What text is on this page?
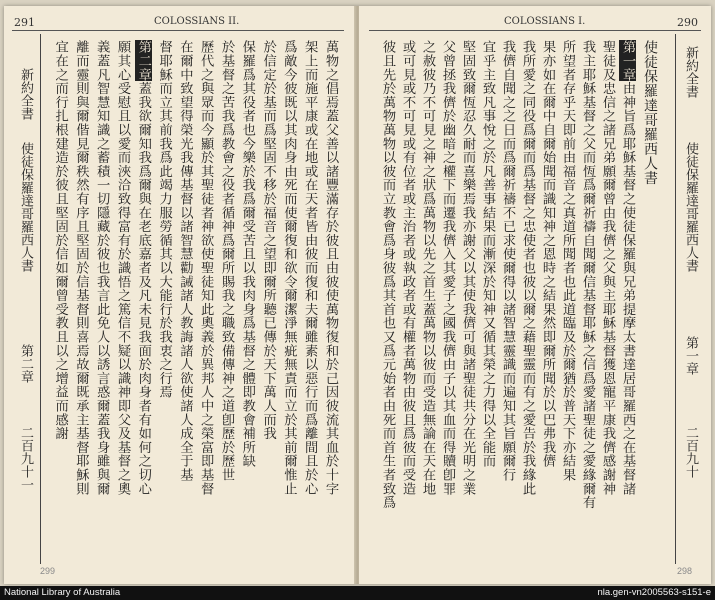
291	COLOSSIANS II.
新約全書
使徒保羅達哥羅西人書
第二章
二百九十一	萬物之倡焉蓋父善以諸豐滿存於彼且由彼使萬物復和於己因彼流其血於十字
架上而施平康或在地或在天者皆由彼而復和夫爾雖素以惡行而爲離間且於心
爲敵今彼既以其肉身由死而使爾復和欲令爾潔淨無疵無責而立於其前爾惟止
於信定於基而爲堅固不移於福音之望即爾所聽已傳於天下萬人而我
保羅爲其役者也今樂於我爲爾受苦且以我肉身爲基督之體即教會補所缺
於基督之苦我爲教會之役者循神爲爾所賜我之職致備傳神之道卽歷於歷世
歷代之與眾而今顯於其聖徒者神欲使聖徒知此奧義於異邦人中之榮富即基督
在爾中致望得榮光我傳基督以諸智慧勸誡諸人教誨諸人欲使諸人成全于基
督耶穌而立其前我爲此竭力服勞循其以大能行於我衷之行焉
第二章蓋我欲爾知我爲爾與在老底嘉者及凡未見我面於肉身者有如何之切心
願其心受慰且以愛而浹洽致得富有於識悟之篤信不疑以識神即父及基督之奧
義蓋凡智慧知識之蓄積一切隱藏於彼也我言此免人以誘言惑爾蓋我身雖與爾
離而靈則與爾偕見爾秩然有序且堅固於信基督則喜焉故爾既承主基督耶穌則
宜在之而行扎根建造於彼且堅固於信如爾曾受教且以之增益而感謝
299
COLOSSIANS I.	290
新約全書
使徒保羅達哥羅西人書
第一章
二百九十
使徒保羅達哥羅西人書
第一章由神旨爲耶穌基督之使徒保羅與兄弟提摩太書達居哥羅西之在基督諸
聖徒及忠信之諸兄弟願爾曾由我儕之父與主耶穌基督獲恩寵平康我儕感謝神
我主耶穌基督之父而恆爲爾祈禱自聞爾信基督耶穌之信爲愛諸聖徒之愛緣爾有
所望者存乎天即前由福音之真道所聞者也此道臨及於爾猶於普天下亦結果
果亦如在爾中自爾始聞而識知神之恩時之結果然即爾所聞於以巴弗我儕
我所愛之同役爲爾而爲基督之忠使者也彼以爾之藉聖靈而有之愛告於我緣此
我儕自聞之之日而爲爾祈禱不已求使爾得以諸智慧靈識而遍知其旨願爾行
宜乎主致凡事悅之於凡善事結果而漸深於知神又循其榮之力得以全能而
堅固致爾恆忍久耐而喜樂焉我亦謝父以其使我儕可與諸聖徒共分在光明之業
父曾拯我儕於幽暗之權下而遷我儕入其愛子之國我儕由子以其血而得贖卽罪
之赦彼乃不可見之神之狀爲萬物以先之首生蓋萬物以彼而受造無論在天在地
或可見或不可見或有位者或主治者或執政者或有權者萬物由彼且爲彼而受造
彼且先於萬物萬物以彼而立教會爲身彼爲其首也又爲元始者由死而首生者致爲
298
National Library of Australia	nla.gen-vn2005563-s151-e
